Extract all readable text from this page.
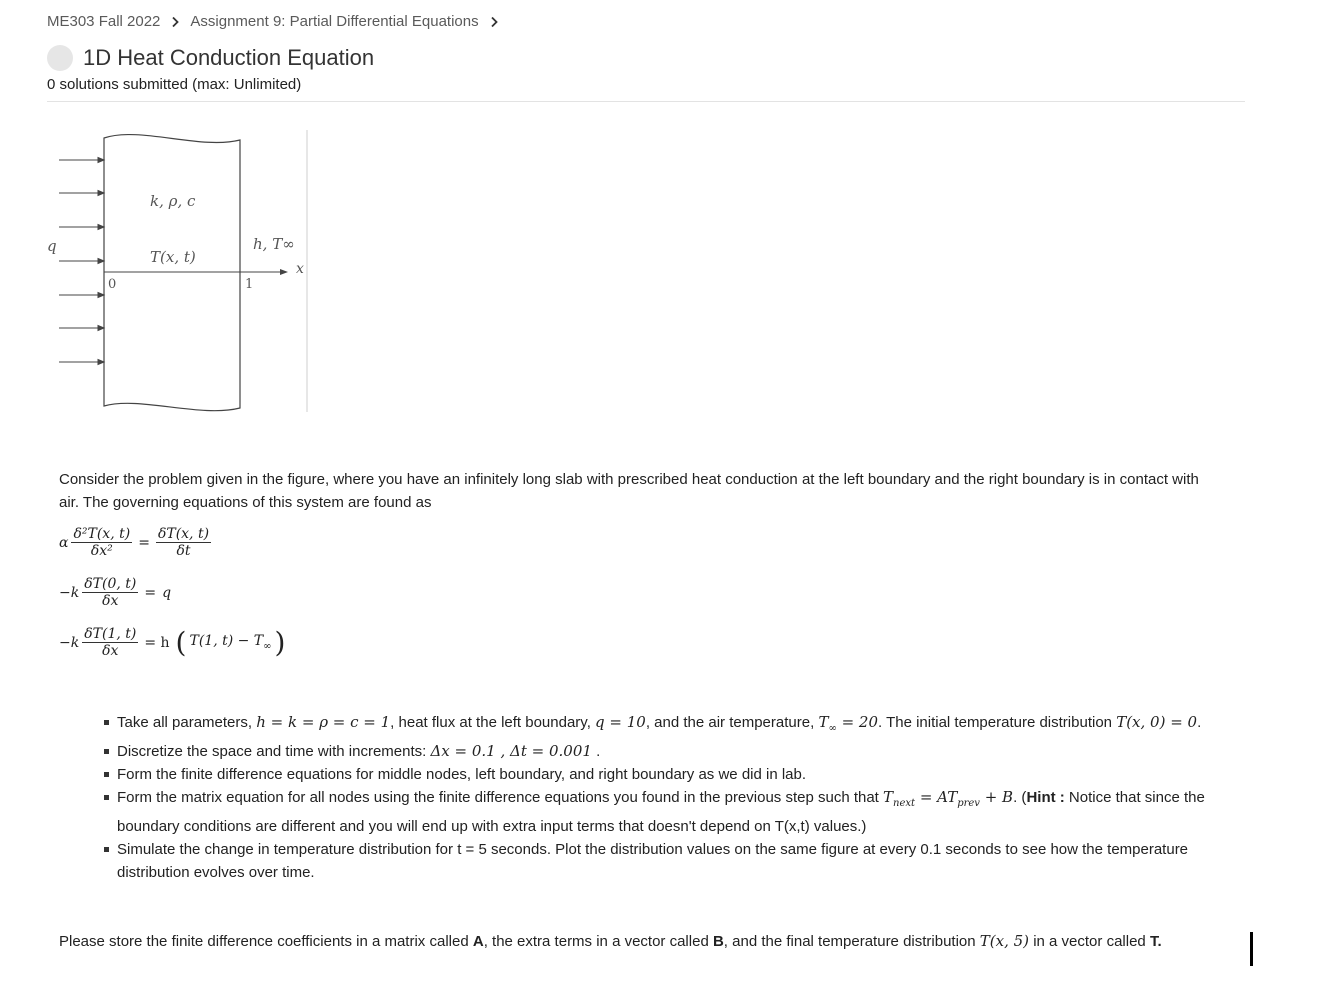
ME303 Fall 2022 Assignment 9: Partial Differential Equations
1D Heat Conduction Equation
0 solutions submitted (max: Unlimited)
q
k, ρ, c
T(x, t)
h, T∞
x
0	1
Consider the problem given in the figure, where you have an infinitely long slab with prescribed heat conduction at the left boundary and the right boundary is in contact with
air. The governing equations of this system are found as
α $\frac{\text{δ²T(x, t)}}{\text{δx²}} = \frac{\delta T(x, t)}{\delta t}$
$-k \frac{\delta T(0, t)}{\delta x} = q$
$-k \frac{\delta T(1, t)}{\delta x} = h$ ( T(1, $t) - T_\infty$ )
Take all parameters, h = k = ρ = c = 1, heat flux at the left boundary, q = 10, and the air temperature, $T_\infty = 20$. The initial temperature distribution T(x, 0) = 0.
Discretize the space and time with increments: Δx = 0.1 , Δt = 0.001 .
Form the finite difference equations for middle nodes, left boundary, and right boundary as we did in lab.
Form the matrix equation for all nodes using the finite difference equations you found in the previous step such that $T_{next} = AT_{prev} + B$. (Hint : Notice that since the boundary conditions are different and you will end up with extra input terms that doesn't depend on T(x,t) values.)
Simulate the change in temperature distribution for t = 5 seconds. Plot the distribution values on the same figure at every 0.1 seconds to see how the temperature distribution evolves over time.
Please store the finite difference coefficients in a matrix called A, the extra terms in a vector called B, and the final temperature distribution T(x, 5) in a vector called T.
